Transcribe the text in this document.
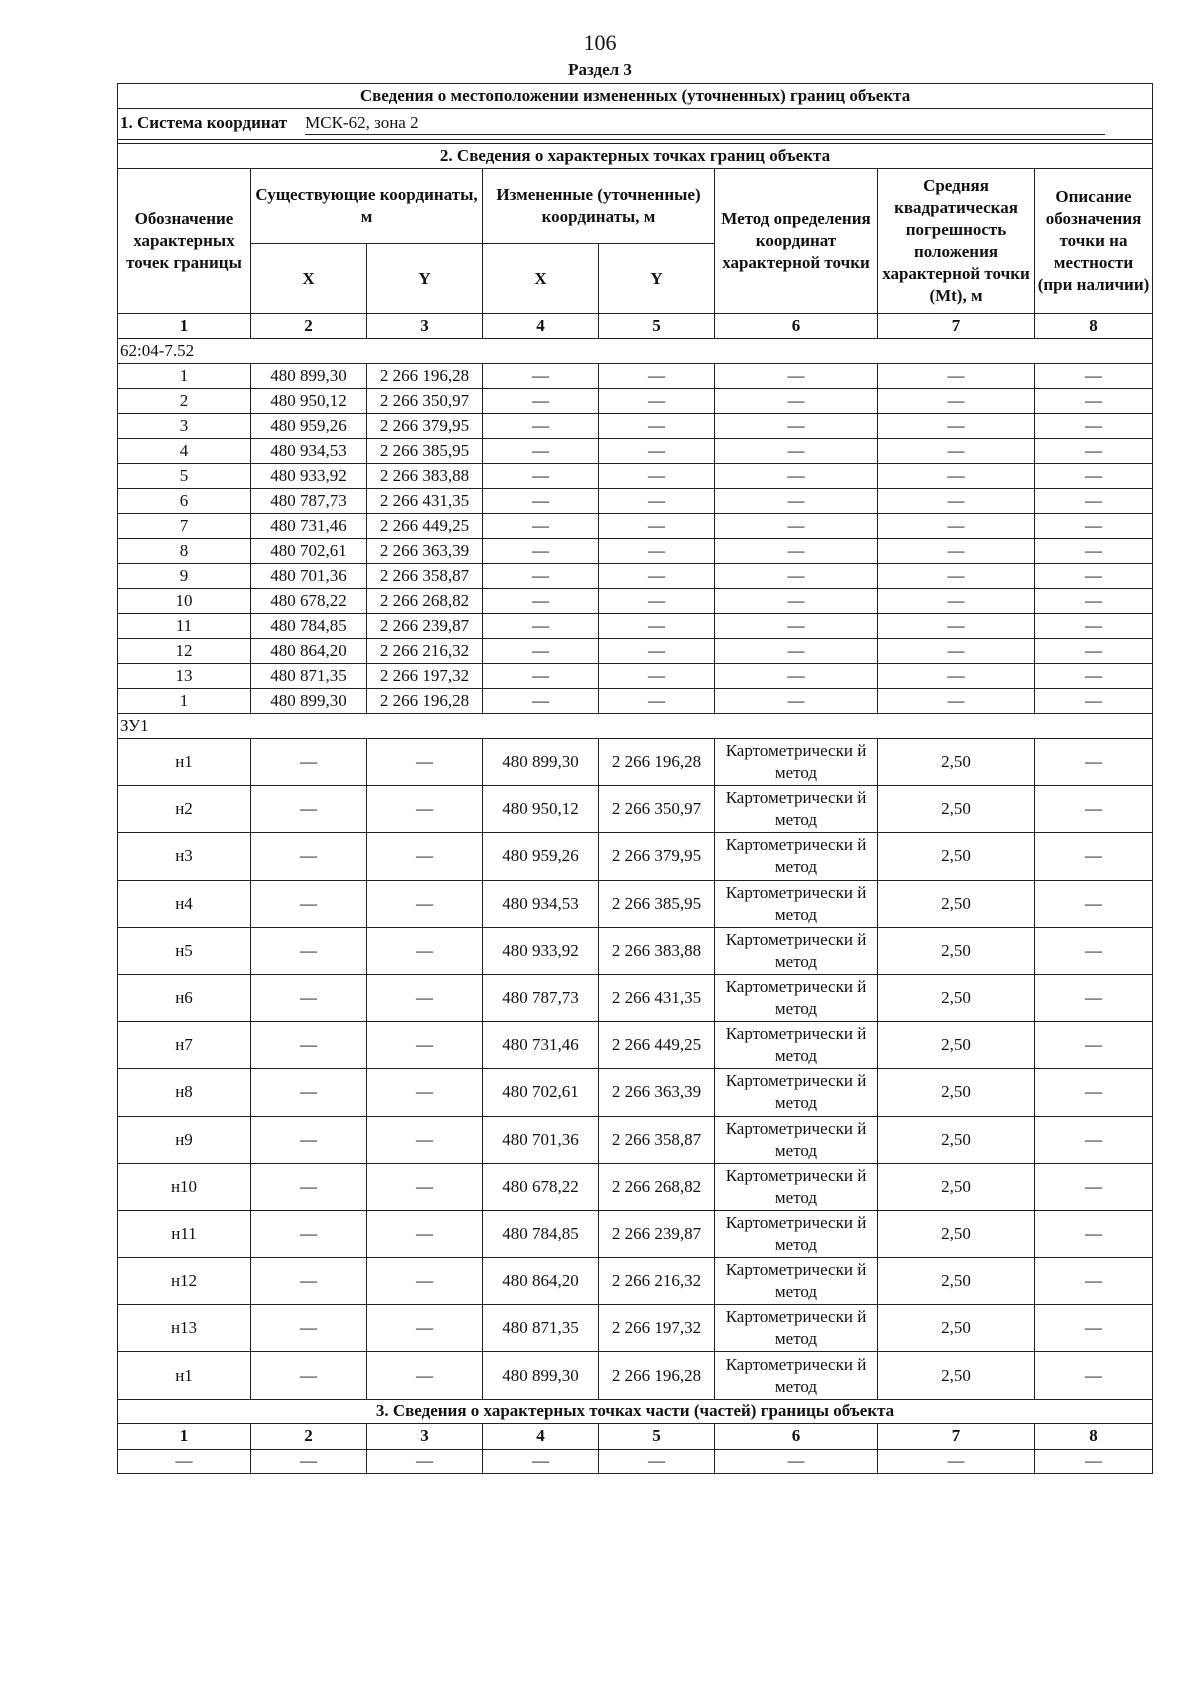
106
Раздел 3
Сведения о местоположении измененных (уточненных) границ объекта							
1. Система координат МСК-62, зона 2							

2. Сведения о характерных точках границ объекта							
Обозначение характерных точек границы	Существующие координаты, м		Измененные (уточненные) координаты, м		Метод определения координат характерной точки	Средняя квадратическая погрешность положения характерной точки (Mt), м	Описание обозначения точки на местности (при наличии)
	X	Y	X	Y			
1	2	3	4	5	6	7	8
62:04-7.52							
1	480 899,30	2 266 196,28	—	—	—	—	—
2	480 950,12	2 266 350,97	—	—	—	—	—
3	480 959,26	2 266 379,95	—	—	—	—	—
4	480 934,53	2 266 385,95	—	—	—	—	—
5	480 933,92	2 266 383,88	—	—	—	—	—
6	480 787,73	2 266 431,35	—	—	—	—	—
7	480 731,46	2 266 449,25	—	—	—	—	—
8	480 702,61	2 266 363,39	—	—	—	—	—
9	480 701,36	2 266 358,87	—	—	—	—	—
10	480 678,22	2 266 268,82	—	—	—	—	—
11	480 784,85	2 266 239,87	—	—	—	—	—
12	480 864,20	2 266 216,32	—	—	—	—	—
13	480 871,35	2 266 197,32	—	—	—	—	—
1	480 899,30	2 266 196,28	—	—	—	—	—
ЗУ1							
н1	—	—	480 899,30	2 266 196,28	Картометрически й метод	2,50	—
н2	—	—	480 950,12	2 266 350,97	Картометрически й метод	2,50	—
н3	—	—	480 959,26	2 266 379,95	Картометрически й метод	2,50	—
н4	—	—	480 934,53	2 266 385,95	Картометрически й метод	2,50	—
н5	—	—	480 933,92	2 266 383,88	Картометрически й метод	2,50	—
н6	—	—	480 787,73	2 266 431,35	Картометрически й метод	2,50	—
н7	—	—	480 731,46	2 266 449,25	Картометрически й метод	2,50	—
н8	—	—	480 702,61	2 266 363,39	Картометрически й метод	2,50	—
н9	—	—	480 701,36	2 266 358,87	Картометрически й метод	2,50	—
н10	—	—	480 678,22	2 266 268,82	Картометрически й метод	2,50	—
н11	—	—	480 784,85	2 266 239,87	Картометрически й метод	2,50	—
н12	—	—	480 864,20	2 266 216,32	Картометрически й метод	2,50	—
н13	—	—	480 871,35	2 266 197,32	Картометрически й метод	2,50	—
н1	—	—	480 899,30	2 266 196,28	Картометрически й метод	2,50	—
3. Сведения о характерных точках части (частей) границы объекта							
1	2	3	4	5	6	7	8
—	—	—	—	—	—	—	—
